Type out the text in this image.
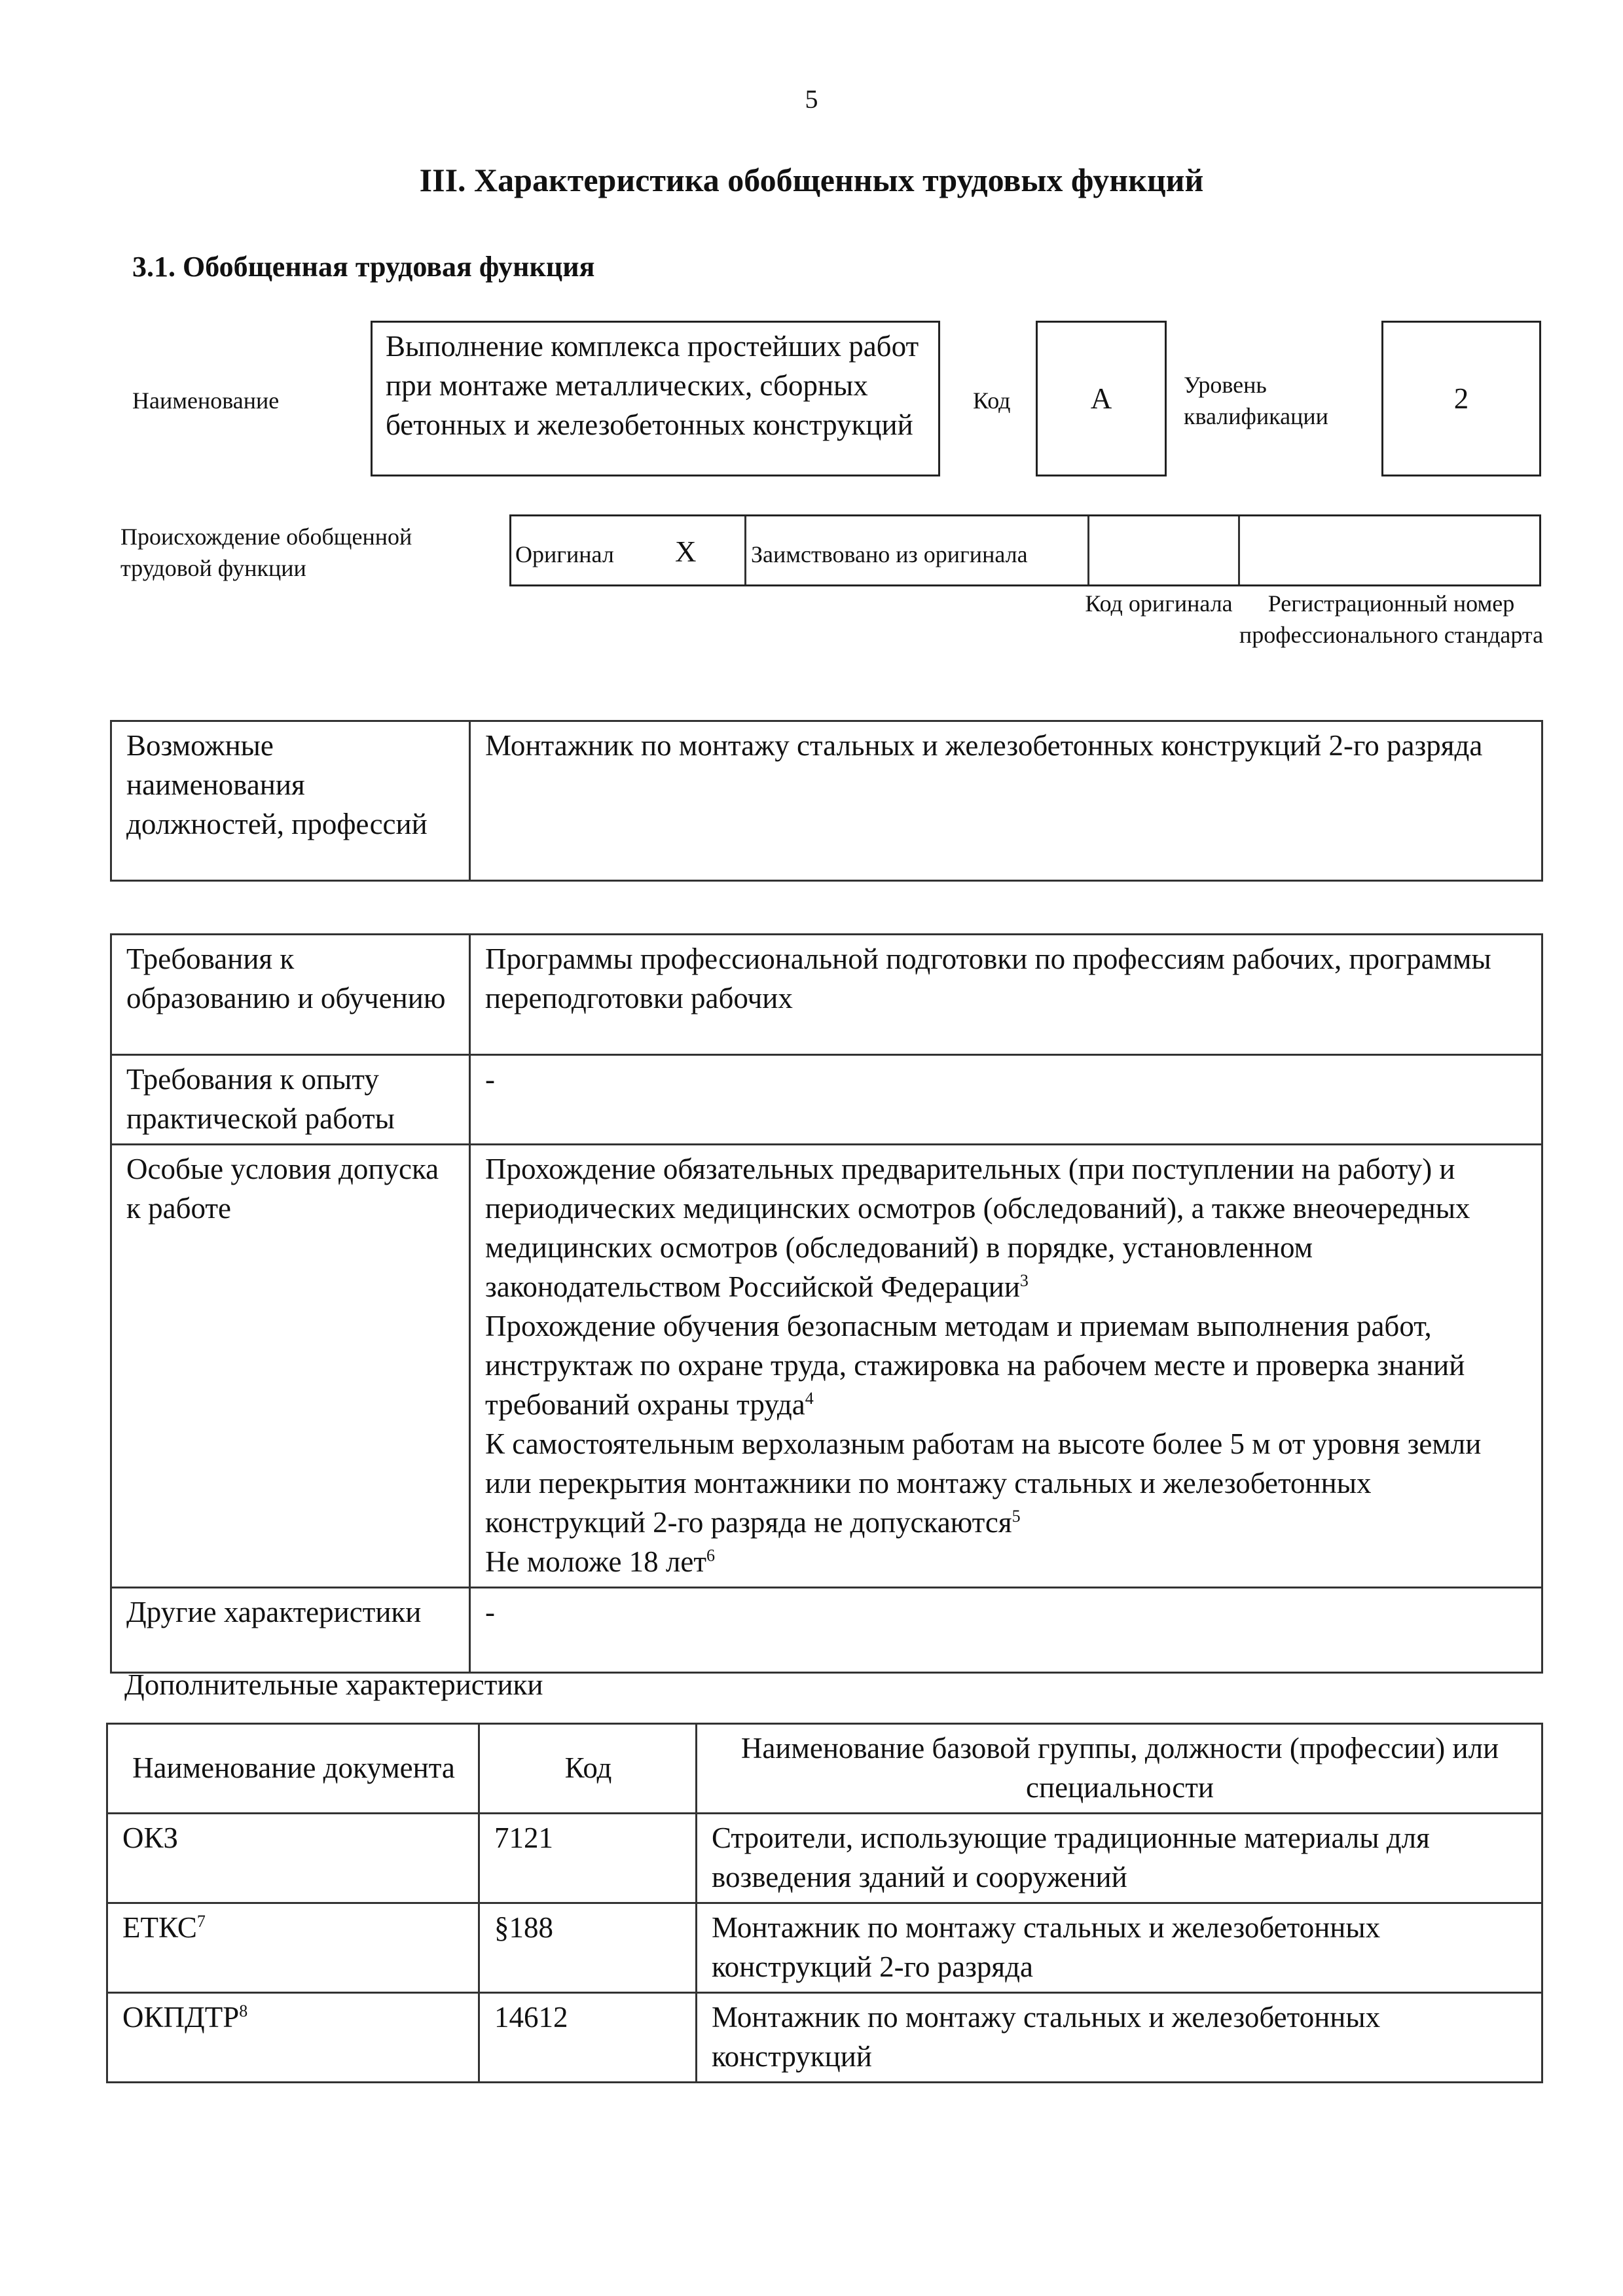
5
III. Характеристика обобщенных трудовых функций
3.1. Обобщенная трудовая функция
Наименование
Выполнение комплекса простейших работ при монтаже металлических, сборных бетонных и железобетонных конструкций
Код	A	Уровень квалификации
2
Происхождение обобщенной трудовой функции
Оригинал X Заимствовано из оригинала
Код оригинала	Регистрационный номер профессионального стандарта
Возможные наименования должностей, профессий	Монтажник по монтажу стальных и железобетонных конструкций 2-го разряда
Требования к образованию и обучению	Программы профессиональной подготовки по профессиям рабочих, программы переподготовки рабочих
Требования к опыту практической работы	-
Особые условия допуска к работе	Прохождение обязательных предварительных (при поступлении на работу) и периодических медицинских осмотров (обследований), а также внеочередных медицинских осмотров (обследований) в порядке, установленном законодательством Российской Федерации$^3$
Прохождение обучения безопасным методам и приемам выполнения работ, инструктаж по охране труда, стажировка на рабочем месте и проверка знаний требований охраны труда$^4$
К самостоятельным верхолазным работам на высоте более 5 м от уровня земли или перекрытия монтажники по монтажу стальных и железобетонных конструкций 2-го разряда не допускаются$^5$
Не моложе 18 лет$^6$

Другие характеристики	-
Дополнительные характеристики
Наименование документа	Код	Наименование базовой группы, должности (профессии) или специальности
ОКЗ	7121	Строители, использующие традиционные материалы для возведения зданий и сооружений
ЕТКС$^7$	§188	Монтажник по монтажу стальных и железобетонных конструкций 2-го разряда
ОКПДТР$^8$	14612	Монтажник по монтажу стальных и железобетонных конструкций
